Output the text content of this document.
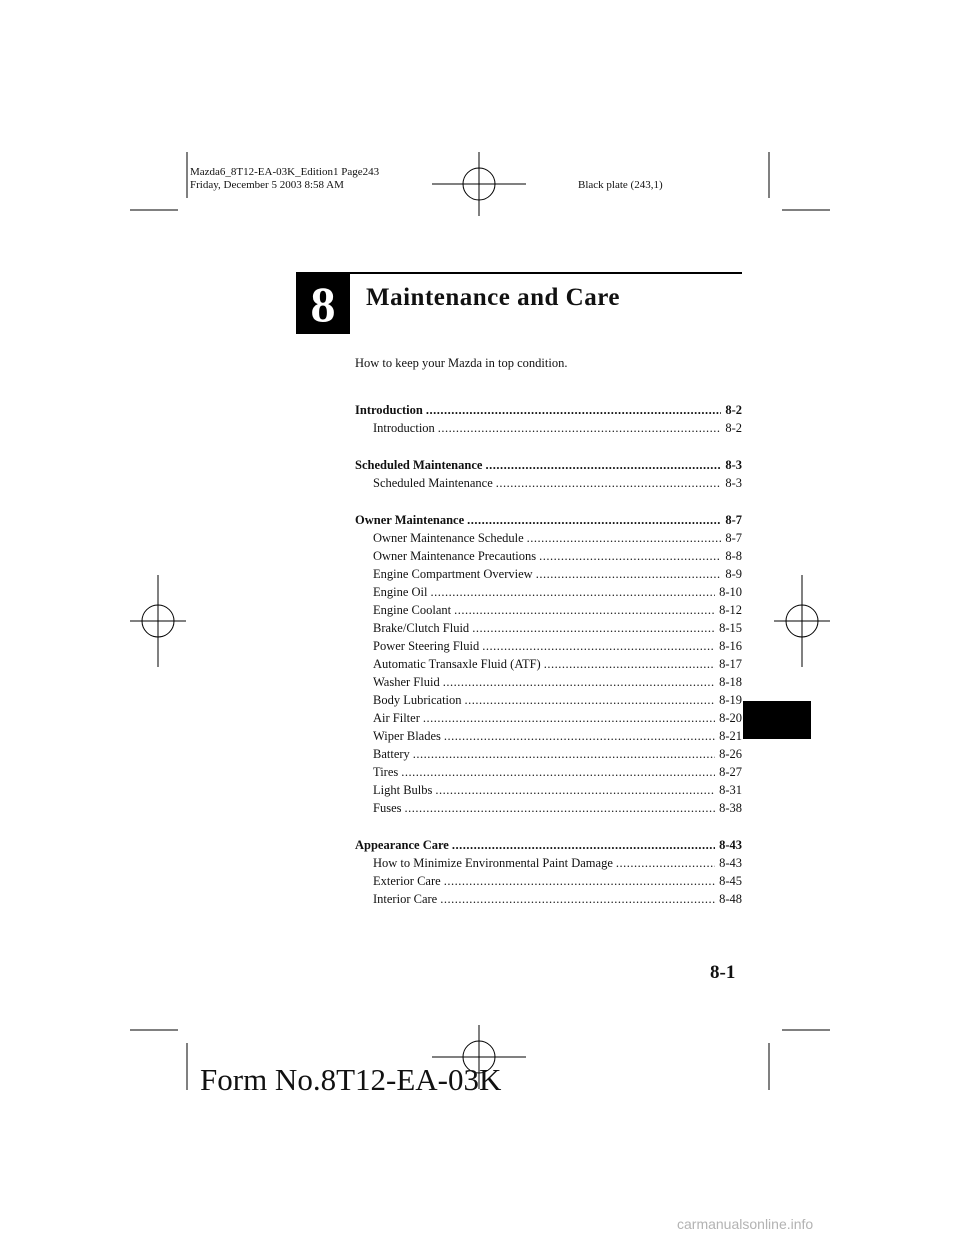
Mazda6_8T12-EA-03K_Edition1 Page243
Friday, December 5 2003 8:58 AM	Black plate (243,1)
8	Maintenance and Care
How to keep your Mazda in top condition.
Introduction .....	8-2
Introduction .....	8-2
Scheduled Maintenance .....	8-3
Scheduled Maintenance .....	8-3
Owner Maintenance .....	8-7
Owner Maintenance Schedule .....	8-7
Owner Maintenance Precautions .....	8-8
Engine Compartment Overview .....	8-9
Engine Oil .....	8-10
Engine Coolant .....	8-12
Brake/Clutch Fluid .....	8-15
Power Steering Fluid .....	8-16
Automatic Transaxle Fluid (ATF) .....	8-17
Washer Fluid .....	8-18
Body Lubrication .....	8-19
Air Filter .....	8-20
Wiper Blades .....	8-21
Battery .....	8-26
Tires .....	8-27
Light Bulbs .....	8-31
Fuses .....	8-38
Appearance Care .....	8-43
How to Minimize Environmental Paint Damage .....	8-43
Exterior Care .....	8-45
Interior Care .....	8-48
8-1
Form No.8T12-EA-03K
carmanualsonline.info
